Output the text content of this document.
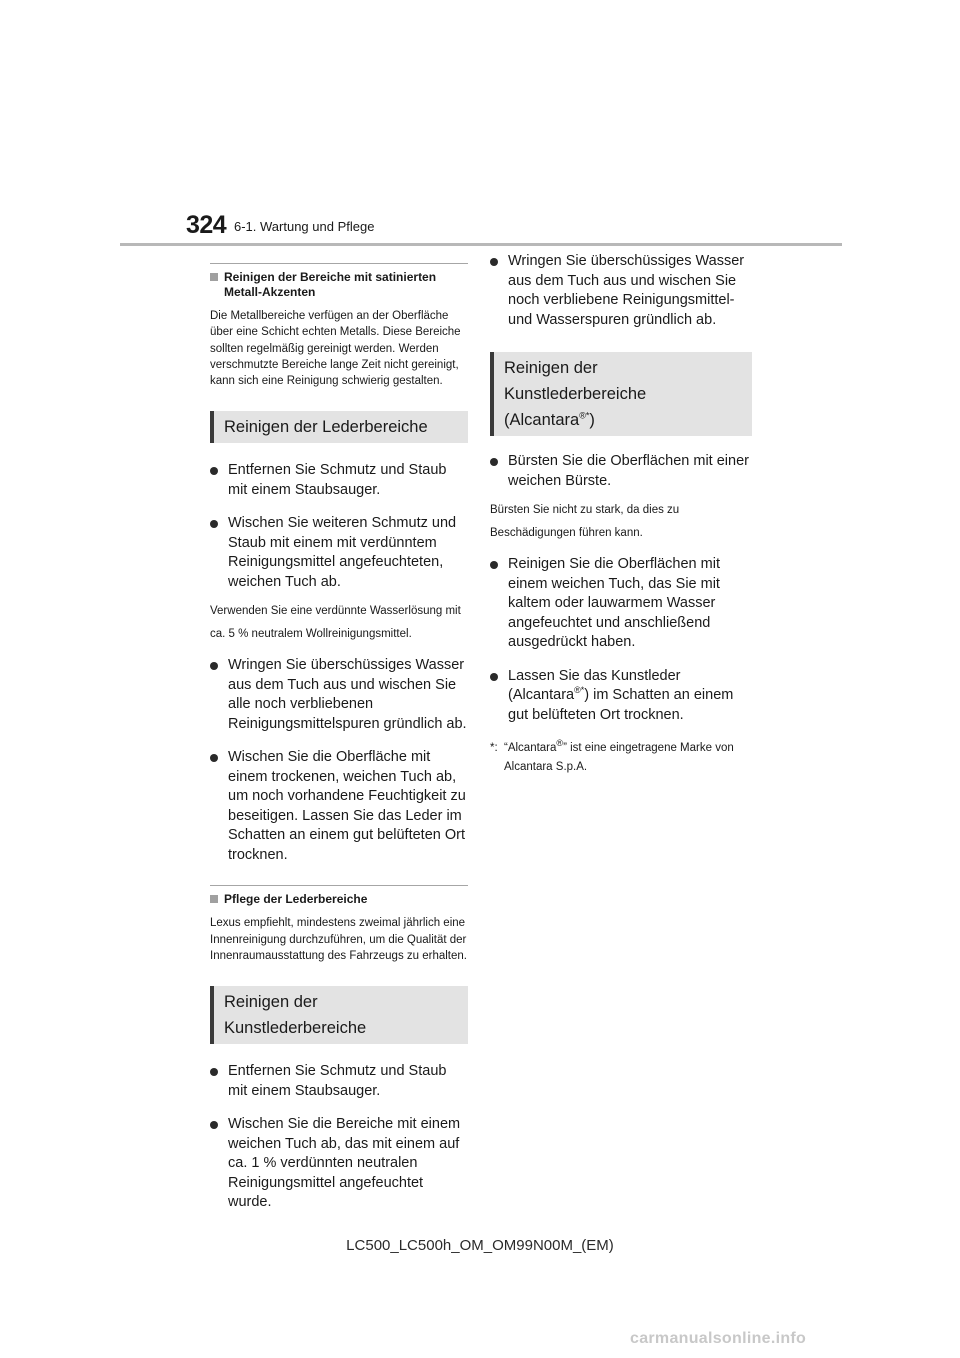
324 6-1. Wartung und Pflege
Reinigen der Bereiche mit satinierten Metall-Akzenten

Die Metallbereiche verfügen an der Oberfläche über eine Schicht echten Metalls. Diese Bereiche sollten regelmäßig gereinigt werden. Werden verschmutzte Bereiche lange Zeit nicht gereinigt, kann sich eine Reinigung schwierig gestalten.

Reinigen der Lederbereiche
Entfernen Sie Schmutz und Staub mit einem Staubsauger.
Wischen Sie weiteren Schmutz und Staub mit einem mit verdünntem Reinigungsmittel angefeuchteten, weichen Tuch ab.

Verwenden Sie eine verdünnte Wasserlösung mit ca. 5 % neutralem Wollreinigungsmittel.

Wringen Sie überschüssiges Wasser aus dem Tuch aus und wischen Sie alle noch verbliebenen Reinigungsmittelspuren gründlich ab.
Wischen Sie die Oberfläche mit einem trockenen, weichen Tuch ab, um noch vorhandene Feuchtigkeit zu beseitigen. Lassen Sie das Leder im Schatten an einem gut belüfteten Ort trocknen.
Pflege der Lederbereiche

Lexus empfiehlt, mindestens zweimal jährlich eine Innenreinigung durchzuführen, um die Qualität der Innenraumausstattung des Fahrzeugs zu erhalten.

Reinigen der Kunstlederbereiche
Entfernen Sie Schmutz und Staub mit einem Staubsauger.
Wischen Sie die Bereiche mit einem weichen Tuch ab, das mit einem auf ca. 1 % verdünnten neutralen Reinigungsmittel angefeuchtet wurde.
Wringen Sie überschüssiges Wasser aus dem Tuch aus und wischen Sie noch verbliebene Reinigungsmittel- und Wasserspuren gründlich ab.
Reinigen der Kunstlederbereiche
(Alcantara®*)
Bürsten Sie die Oberflächen mit einer weichen Bürste.

Bürsten Sie nicht zu stark, da dies zu Beschädigungen führen kann.

Reinigen Sie die Oberflächen mit einem weichen Tuch, das Sie mit kaltem oder lauwarmem Wasser angefeuchtet und anschließend ausgedrückt haben.
Lassen Sie das Kunstleder (Alcantara®*) im Schatten an einem gut belüfteten Ort trocknen.
*: “Alcantara®” ist eine eingetragene Marke von Alcantara S.p.A.
LC500_LC500h_OM_OM99N00M_(EM)
carmanualsonline.info
